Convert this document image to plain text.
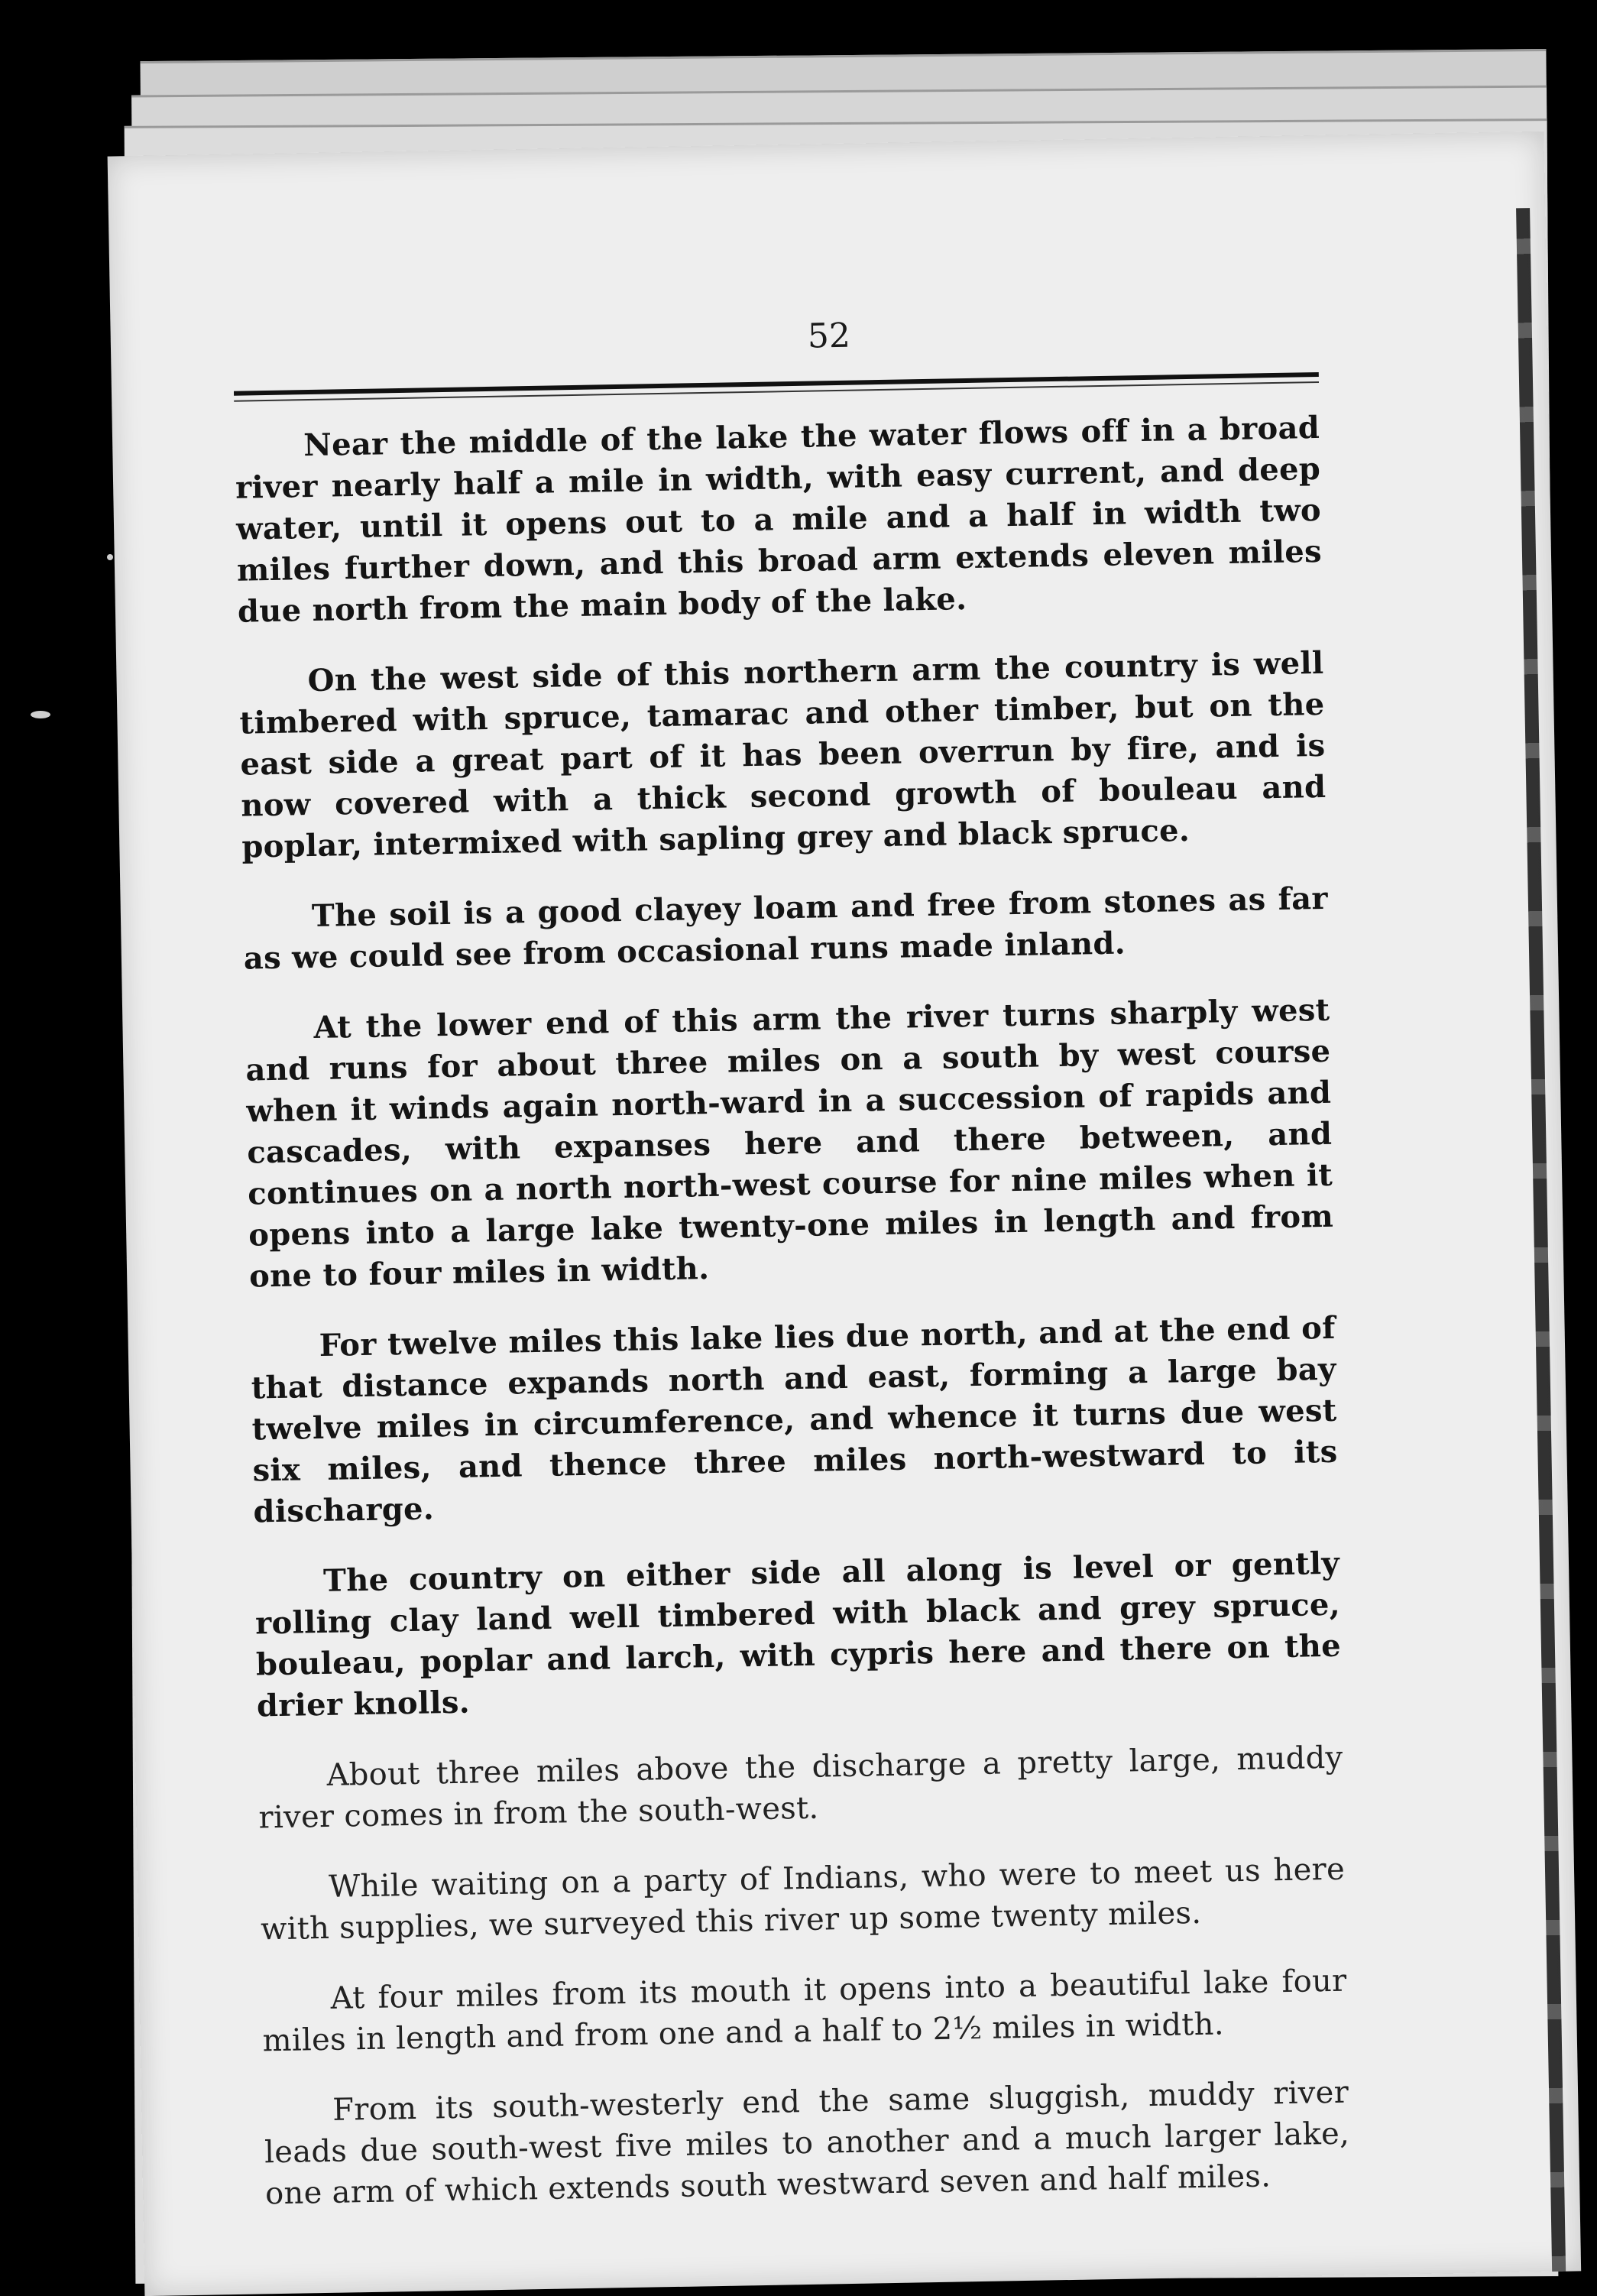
52

Near the middle of the lake the water flows off in a broad river nearly half a mile in width, with easy current, and deep water, until it opens out to a mile and a half in width two miles further down, and this broad arm extends eleven miles due north from the main body of the lake.

On the west side of this northern arm the country is well timbered with spruce, tamarac and other timber, but on the east side a great part of it has been overrun by fire, and is now covered with a thick second growth of bouleau and poplar, intermixed with sapling grey and black spruce.

The soil is a good clayey loam and free from stones as far as we could see from occasional runs made inland.

At the lower end of this arm the river turns sharply west and runs for about three miles on a south by west course when it winds again north-ward in a succession of rapids and cascades, with expanses here and there between, and continues on a north north-west course for nine miles when it opens into a large lake twenty-one miles in length and from one to four miles in width.

For twelve miles this lake lies due north, and at the end of that distance expands north and east, forming a large bay twelve miles in circumference, and whence it turns due west six miles, and thence three miles north-westward to its discharge.

The country on either side all along is level or gently rolling clay land well timbered with black and grey spruce, bouleau, poplar and larch, with cypris here and there on the drier knolls.

About three miles above the discharge a pretty large, muddy river comes in from the south-west.

While waiting on a party of Indians, who were to meet us here with supplies, we surveyed this river up some twenty miles.

At four miles from its mouth it opens into a beautiful lake four miles in length and from one and a half to 2½ miles in width.

From its south-westerly end the same sluggish, muddy river leads due south-west five miles to another and a much larger lake, one arm of which extends south westward seven and half miles.
